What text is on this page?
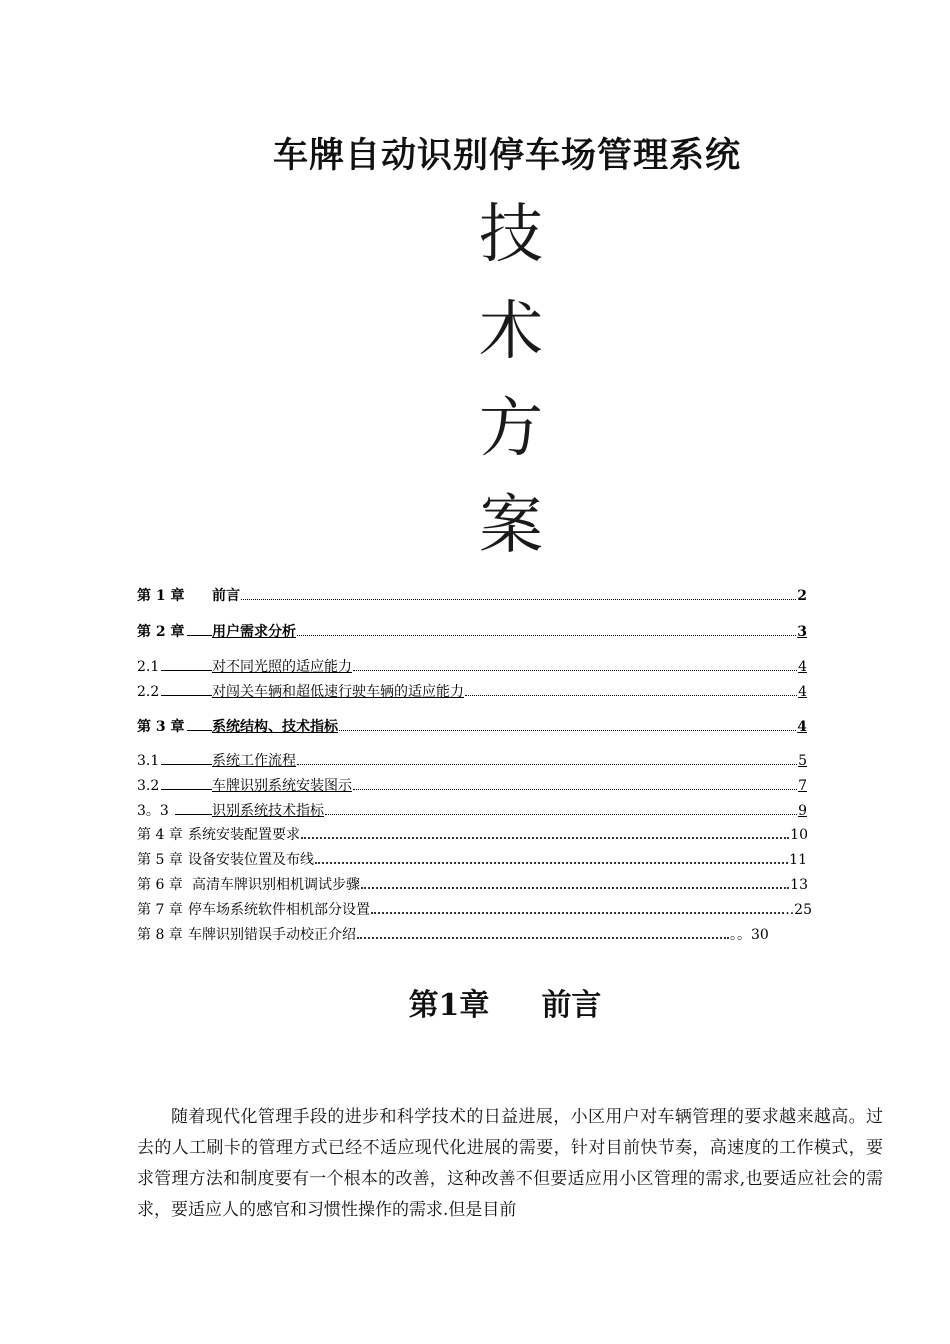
车牌自动识别停车场管理系统
技
术
方
案
第 1 章	前言	2
第 2 章 用户需求分析	3
2.1	对不同光照的适应能力	4
2.2	对闯关车辆和超低速行驶车辆的适应能力	4
第 3 章 系统结构、技术指标	4
3.1	系统工作流程	5
3.2	车牌识别系统安装图示	7
3。3	识别系统技术指标	9
第 4 章 系统安装配置要求	10
第 5 章 设备安装位置及布线	11
第 6 章 高清车牌识别相机调试步骤	13
第 7 章 停车场系统软件相机部分设置	..25
第 8 章 车牌识别错误手动校正介绍	。。30
第1章 前言
随着现代化管理手段的进步和科学技术的日益进展，小区用户对车辆管理的要求越来越高。过去的人工刷卡的管理方式已经不适应现代化进展的需要，针对目前快节奏，高速度的工作模式，要求管理方法和制度要有一个根本的改善，这种改善不但要适应用小区管理的需求,也要适应社会的需求，要适应人的感官和习惯性操作的需求.但是目前
